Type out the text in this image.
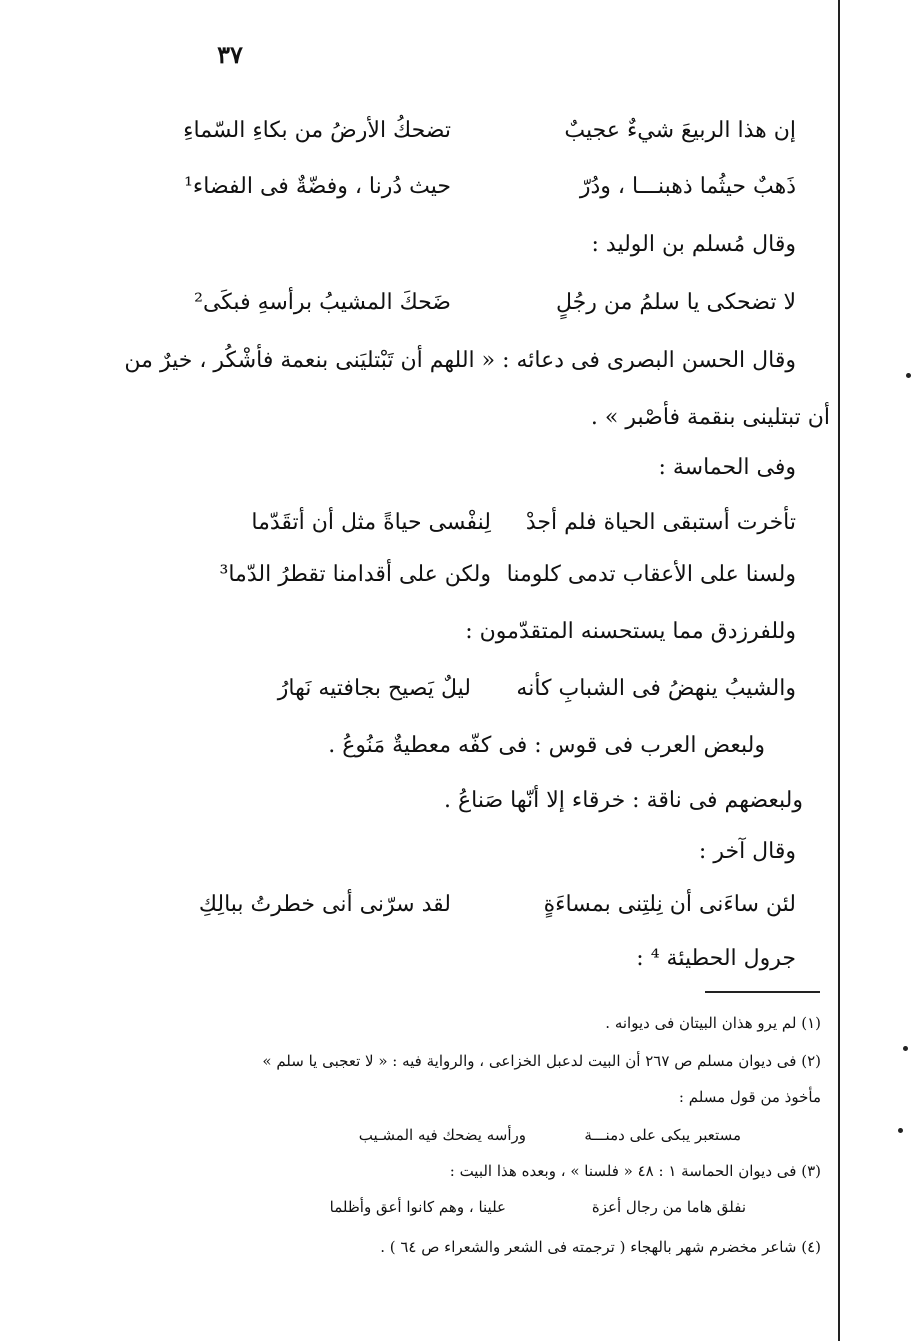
٣٧
إن هذا الربيعَ شيءٌ عجيبٌ
تضحكُ الأرضُ من بكاءِ السّماءِ
ذَهبٌ حيثُما ذهبنـــا ، ودُرّ
حيث دُرنا ، وفضّةٌ فى الفضاء¹
وقال مُسلم بن الوليد :
لا تضحكى يا سلمُ من رجُلٍ
ضَحكَ المشيبُ برأسهِ فبكَى²
وقال الحسن البصرى فى دعائه : « اللهم أن تَبْتليَنى بنعمة فأشْكُر ، خيرٌ من
أن تبتلينى بنقمة فأصْبر » .
وفى الحماسة :
تأخرت أستبقى الحياة فلم أجدْ
لِنفْسى حياةً مثل أن أتقَدّما
ولسنا على الأعقاب تدمى كلومنا
ولكن على أقدامنا تقطرُ الدّما³
وللفرزدق مما يستحسنه المتقدّمون :
والشيبُ ينهضُ فى الشبابِ كأنه
ليلٌ يَصيح بجافتيه نَهارُ
ولبعض العرب فى قوس : فى كفّه معطيةٌ مَنُوعُ .
ولبعضهم فى ناقة : خرقاء إلا أنّها صَناعُ .
وقال آخر :
لئن ساءَنى أن نِلتِنى بمساءَةٍ
لقد سرّنى أنى خطرتُ ببالِكِ
جرول الحطيئة ⁴ :
(١) لم يرو هذان البيتان فى ديوانه .
(٢) فى ديوان مسلم ص ٢٦٧ أن البيت لدعبل الخزاعى ، والرواية فيه : « لا تعجبى يا سلم »
مأخوذ من قول مسلم :
مستعبر يبكى على دمنـــة
ورأسه يضحك فيه المشـيب
(٣) فى ديوان الحماسة ١ : ٤٨ « فلسنا » ، وبعده هذا البيت :
نفلق هاما من رجال أعزة
علينا ، وهم كانوا أعق وأظلما
(٤) شاعر مخضرم شهر بالهجاء ( ترجمته فى الشعر والشعراء ص ٦٤ ) .
